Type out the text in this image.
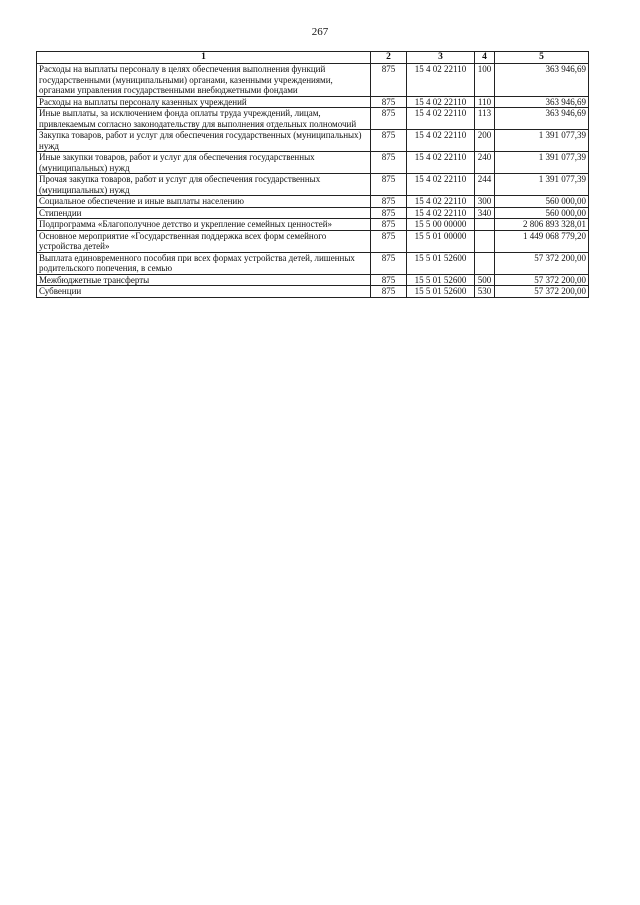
267
1	2	3	4	5
Расходы на выплаты персоналу в целях обеспечения выполнения функций государственными (муниципальными) органами, казенными учреждениями, органами управления государственными внебюджетными фондами	875	15 4 02 22110	100	363 946,69
Расходы на выплаты персоналу казенных учреждений	875	15 4 02 22110	110	363 946,69
Иные выплаты, за исключением фонда оплаты труда учреждений, лицам, привлекаемым согласно законодательству для выполнения отдельных полномочий	875	15 4 02 22110	113	363 946,69
Закупка товаров, работ и услуг для обеспечения государственных (муниципальных) нужд	875	15 4 02 22110	200	1 391 077,39
Иные закупки товаров, работ и услуг для обеспечения государственных (муниципальных) нужд	875	15 4 02 22110	240	1 391 077,39
Прочая закупка товаров, работ и услуг для обеспечения государственных (муниципальных) нужд	875	15 4 02 22110	244	1 391 077,39
Социальное обеспечение и иные выплаты населению	875	15 4 02 22110	300	560 000,00
Стипендии	875	15 4 02 22110	340	560 000,00
Подпрограмма «Благополучное детство и укрепление семейных ценностей»	875	15 5 00 00000		2 806 893 328,01
Основное мероприятие «Государственная поддержка всех форм семейного устройства детей»	875	15 5 01 00000		1 449 068 779,20
Выплата единовременного пособия при всех формах устройства детей, лишенных родительского попечения, в семью	875	15 5 01 52600		57 372 200,00
Межбюджетные трансферты	875	15 5 01 52600	500	57 372 200,00
Субвенции	875	15 5 01 52600	530	57 372 200,00
